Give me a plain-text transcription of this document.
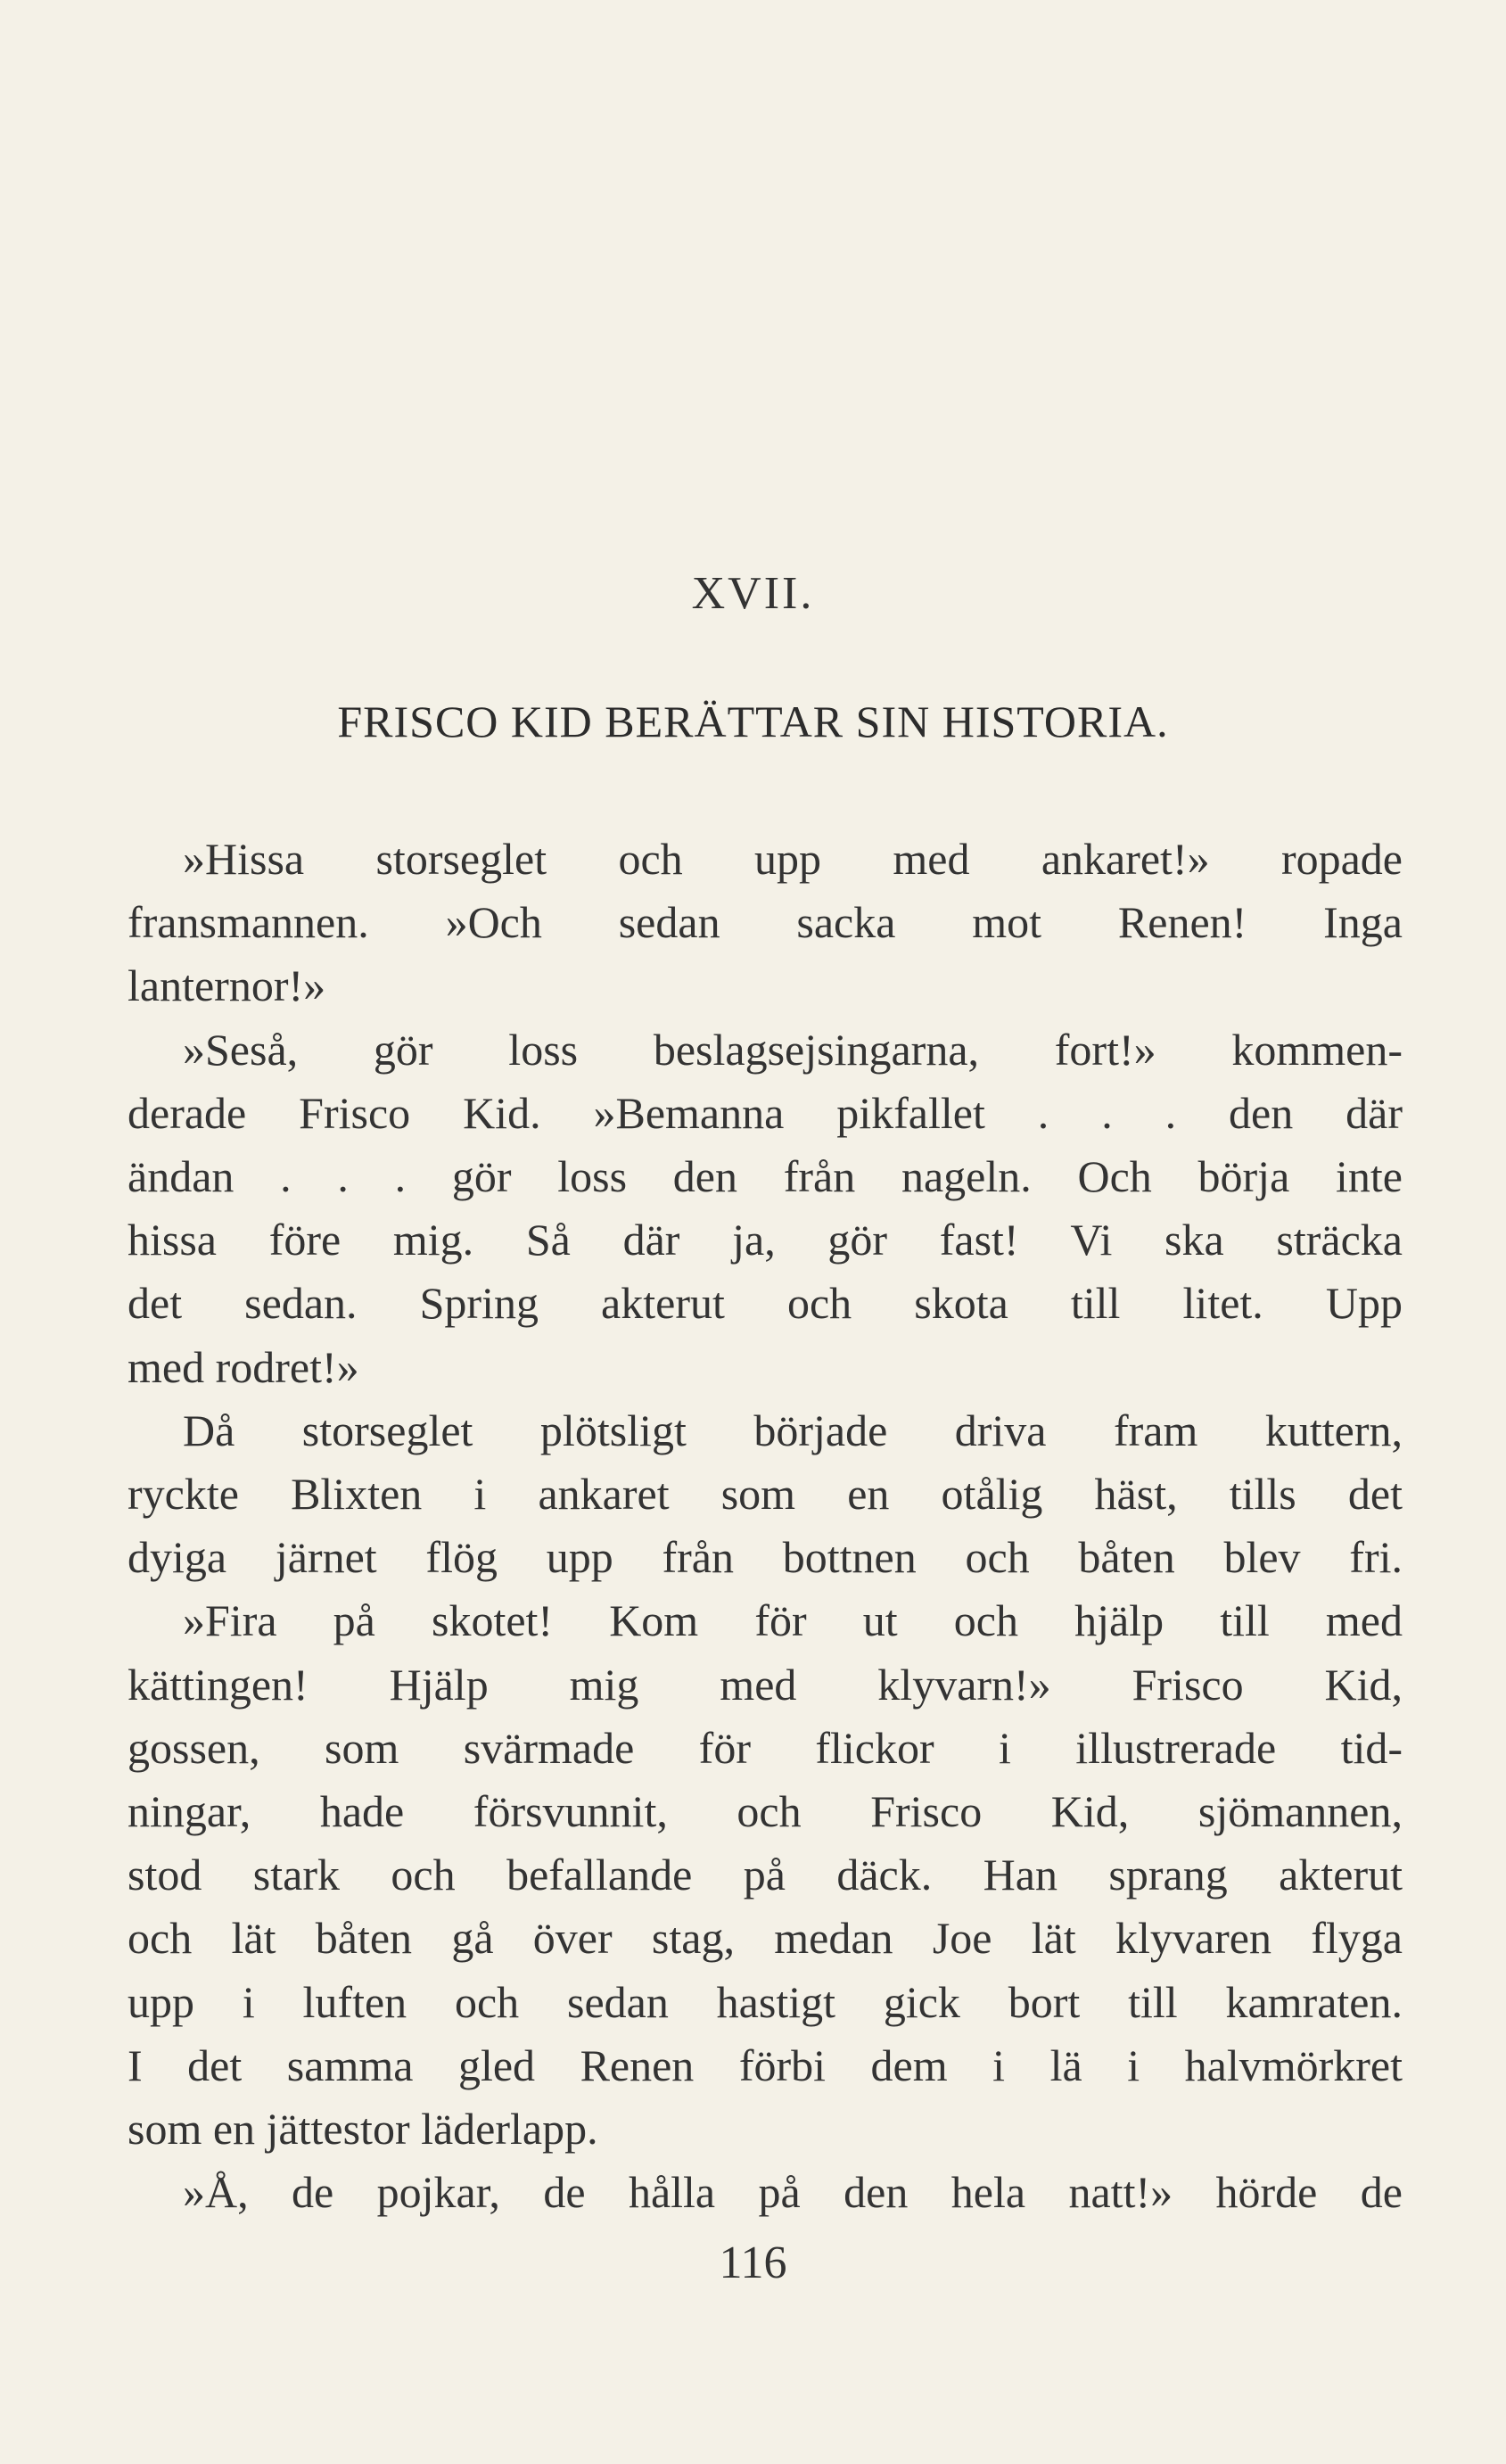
XVII.
FRISCO KID BERÄTTAR SIN HISTORIA.
»Hissa storseglet och upp med ankaret!» ropade
fransmannen. »Och sedan sacka mot Renen! Inga
lanternor!»
»Seså, gör loss beslagsejsingarna, fort!» kommen-
derade Frisco Kid. »Bemanna pikfallet . . . den där
ändan . . . gör loss den från nageln. Och börja inte
hissa före mig. Så där ja, gör fast! Vi ska sträcka
det sedan. Spring akterut och skota till litet. Upp
med rodret!»
Då storseglet plötsligt började driva fram kuttern,
ryckte Blixten i ankaret som en otålig häst, tills det
dyiga järnet flög upp från bottnen och båten blev fri.
»Fira på skotet! Kom för ut och hjälp till med
kättingen! Hjälp mig med klyvarn!» Frisco Kid,
gossen, som svärmade för flickor i illustrerade tid-
ningar, hade försvunnit, och Frisco Kid, sjömannen,
stod stark och befallande på däck. Han sprang akterut
och lät båten gå över stag, medan Joe lät klyvaren flyga
upp i luften och sedan hastigt gick bort till kamraten.
I det samma gled Renen förbi dem i lä i halvmörkret
som en jättestor läderlapp.
»Å, de pojkar, de hålla på den hela natt!» hörde de
116
